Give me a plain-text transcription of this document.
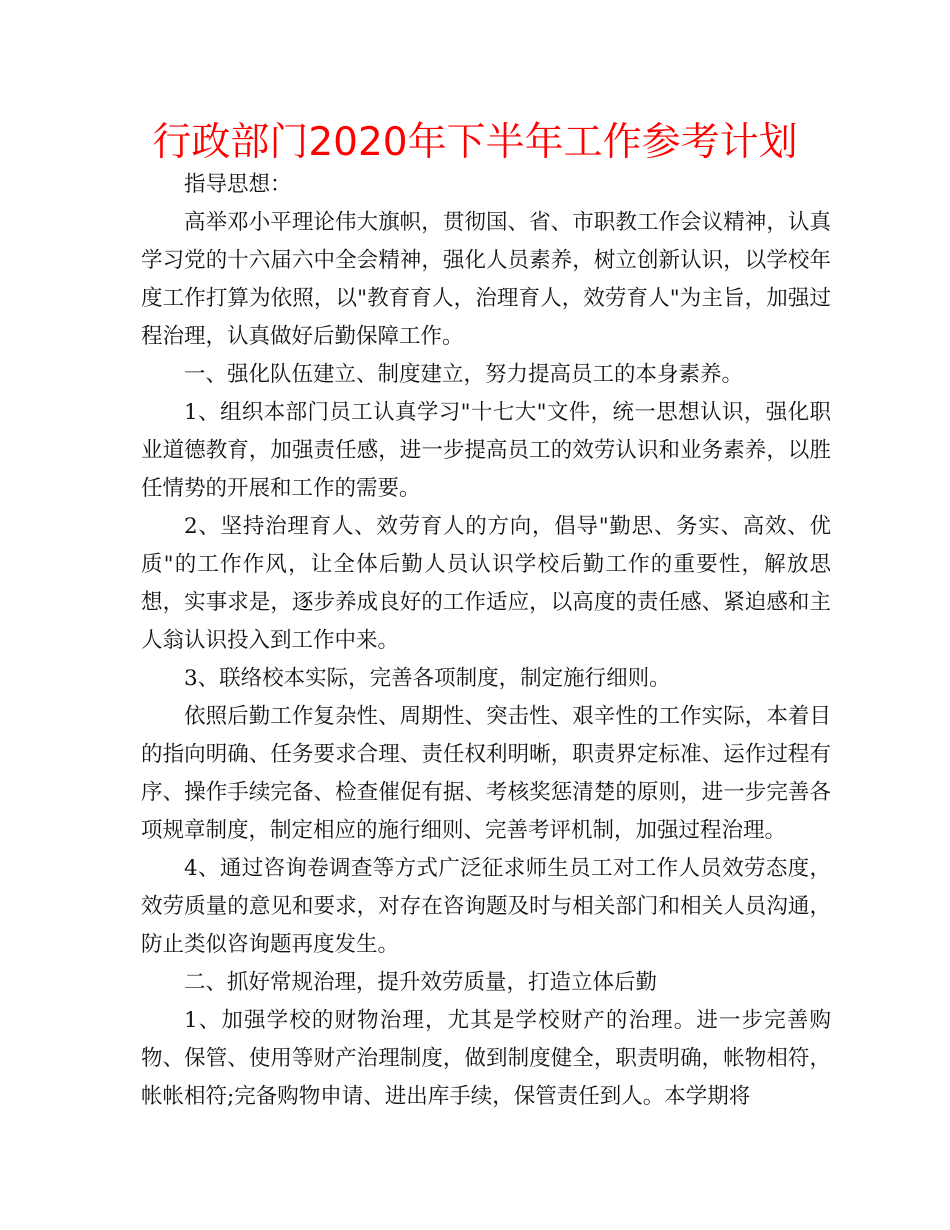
行政部门2020年下半年工作参考计划

指导思想：

高举邓小平理论伟大旗帜，贯彻国、省、市职教工作会议精神，认真学习党的十六届六中全会精神，强化人员素养，树立创新认识，以学校年度工作打算为依照，以"教育育人，治理育人，效劳育人"为主旨，加强过程治理，认真做好后勤保障工作。

一、强化队伍建立、制度建立，努力提高员工的本身素养。

1、组织本部门员工认真学习"十七大"文件，统一思想认识，强化职业道德教育，加强责任感，进一步提高员工的效劳认识和业务素养，以胜任情势的开展和工作的需要。

2、坚持治理育人、效劳育人的方向，倡导"勤思、务实、高效、优质"的工作作风，让全体后勤人员认识学校后勤工作的重要性，解放思想，实事求是，逐步养成良好的工作适应，以高度的责任感、紧迫感和主人翁认识投入到工作中来。

3、联络校本实际，完善各项制度，制定施行细则。

依照后勤工作复杂性、周期性、突击性、艰辛性的工作实际，本着目的指向明确、任务要求合理、责任权利明晰，职责界定标准、运作过程有序、操作手续完备、检查催促有据、考核奖惩清楚的原则，进一步完善各项规章制度，制定相应的施行细则、完善考评机制，加强过程治理。

4、通过咨询卷调查等方式广泛征求师生员工对工作人员效劳态度，效劳质量的意见和要求，对存在咨询题及时与相关部门和相关人员沟通，防止类似咨询题再度发生。

二、抓好常规治理，提升效劳质量，打造立体后勤

1、加强学校的财物治理，尤其是学校财产的治理。进一步完善购物、保管、使用等财产治理制度，做到制度健全，职责明确，帐物相符，帐帐相符;完备购物申请、进出库手续，保管责任到人。本学期将
